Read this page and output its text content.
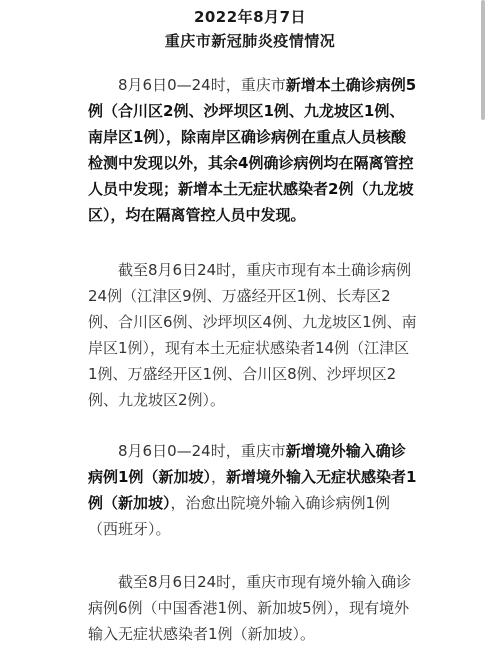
2022年8月7日
重庆市新冠肺炎疫情情况

8月6日0—24时，重庆市新增本土确诊病例5例（合川区2例、沙坪坝区1例、九龙坡区1例、南岸区1例），除南岸区确诊病例在重点人员核酸检测中发现以外，其余4例确诊病例均在隔离管控人员中发现；新增本土无症状感染者2例（九龙坡区），均在隔离管控人员中发现。

截至8月6日24时，重庆市现有本土确诊病例24例（江津区9例、万盛经开区1例、长寿区2例、合川区6例、沙坪坝区4例、九龙坡区1例、南岸区1例），现有本土无症状感染者14例（江津区1例、万盛经开区1例、合川区8例、沙坪坝区2例、九龙坡区2例）。

8月6日0—24时，重庆市新增境外输入确诊病例1例（新加坡），新增境外输入无症状感染者1例（新加坡），治愈出院境外输入确诊病例1例（西班牙）。

截至8月6日24时，重庆市现有境外输入确诊病例6例（中国香港1例、新加坡5例），现有境外输入无症状感染者1例（新加坡）。
